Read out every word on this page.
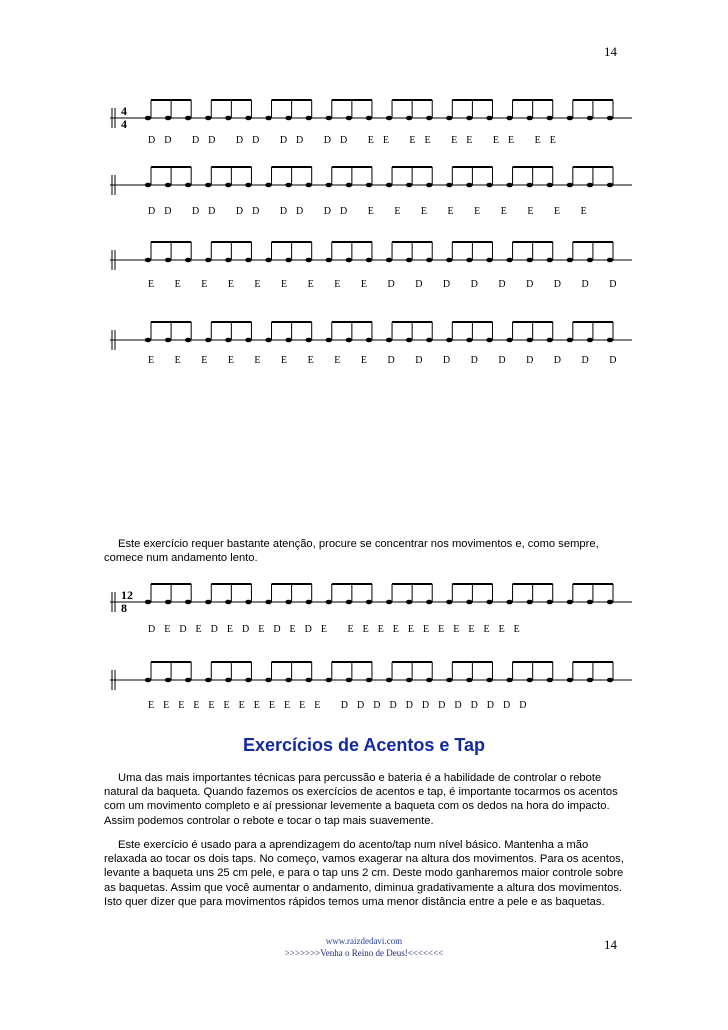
14
4
4
DD DD DD DD DD EE EE EE EE EE
DD DD DD DD DD E E E E E E E E E
E E E E E E E E E D D D D D D D D D
E E E E E E E E E D D D D D D D D D
12
8
DEDEDEDEDEDE EEEEEEEEEEEE
EEEEEEEEEEEE DDDDDDDDDDDD
Este exercício requer bastante atenção, procure se concentrar nos movimentos e, como sempre, comece num andamento lento.
Exercícios de Acentos e Tap
Uma das mais importantes técnicas para percussão e bateria é a habilidade de controlar o rebote natural da baqueta. Quando fazemos os exercícios de acentos e tap, é importante tocarmos os acentos com um movimento completo e aí pressionar levemente a baqueta com os dedos na hora do impacto. Assim podemos controlar o rebote e tocar o tap mais suavemente.
Este exercício é usado para a aprendizagem do acento/tap num nível básico. Mantenha a mão relaxada ao tocar os dois taps. No começo, vamos exagerar na altura dos movimentos. Para os acentos, levante a baqueta uns 25 cm pele, e para o tap uns 2 cm. Deste modo ganharemos maior controle sobre as baquetas. Assim que você aumentar o andamento, diminua gradativamente a altura dos movimentos. Isto quer dizer que para movimentos rápidos temos uma menor distância entre a pele e as baquetas.
www.raizdedavi.com
>>>>>>>Venha o Reino de Deus!<<<<<<<
14
